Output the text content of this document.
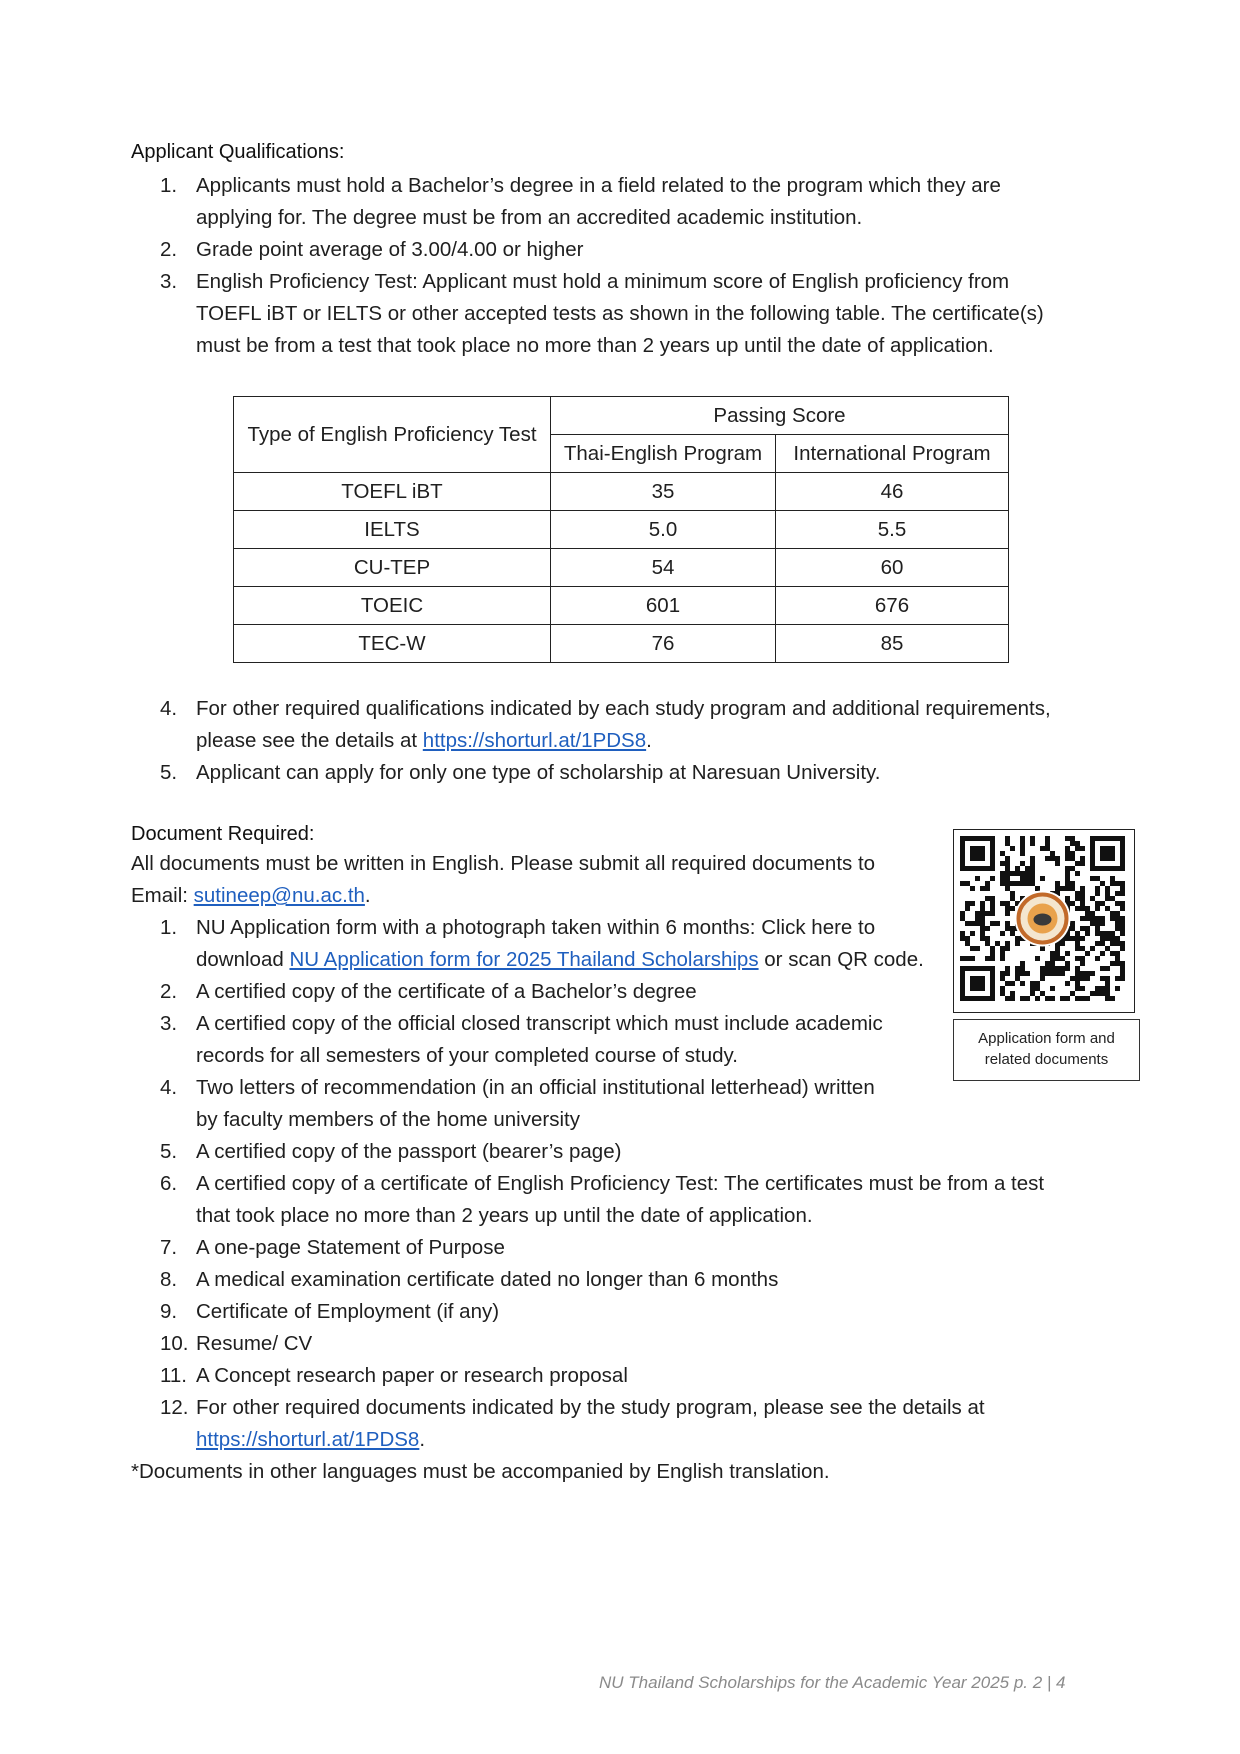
Applicant Qualifications:
1. Applicants must hold a Bachelor’s degree in a field related to the program which they are
applying for. The degree must be from an accredited academic institution.
2. Grade point average of 3.00/4.00 or higher
3. English Proficiency Test: Applicant must hold a minimum score of English proficiency from
TOEFL iBT or IELTS or other accepted tests as shown in the following table. The certificate(s)
must be from a test that took place no more than 2 years up until the date of application.
Type of English Proficiency Test	Passing Score	
	Thai-English Program	International Program
TOEFL iBT	35	46
IELTS	5.0	5.5
CU-TEP	54	60
TOEIC	601	676
TEC-W	76	85
4. For other required qualifications indicated by each study program and additional requirements,
please see the details at https://shorturl.at/1PDS8.
5. Applicant can apply for only one type of scholarship at Naresuan University.
Document Required:
All documents must be written in English. Please submit all required documents to
Email: sutineep@nu.ac.th.
1. NU Application form with a photograph taken within 6 months: Click here to
download NU Application form for 2025 Thailand Scholarships or scan QR code.
2. A certified copy of the certificate of a Bachelor’s degree
3. A certified copy of the official closed transcript which must include academic
records for all semesters of your completed course of study.
4. Two letters of recommendation (in an official institutional letterhead) written
by faculty members of the home university
5. A certified copy of the passport (bearer’s page)
6. A certified copy of a certificate of English Proficiency Test: The certificates must be from a test
that took place no more than 2 years up until the date of application.
7. A one-page Statement of Purpose
8. A medical examination certificate dated no longer than 6 months
9. Certificate of Employment (if any)
10. Resume/ CV
11. A Concept research paper or research proposal
12. For other required documents indicated by the study program, please see the details at
https://shorturl.at/1PDS8.
*Documents in other languages must be accompanied by English translation.
Application form and
related documents
NU Thailand Scholarships for the Academic Year 2025 p. 2 | 4
